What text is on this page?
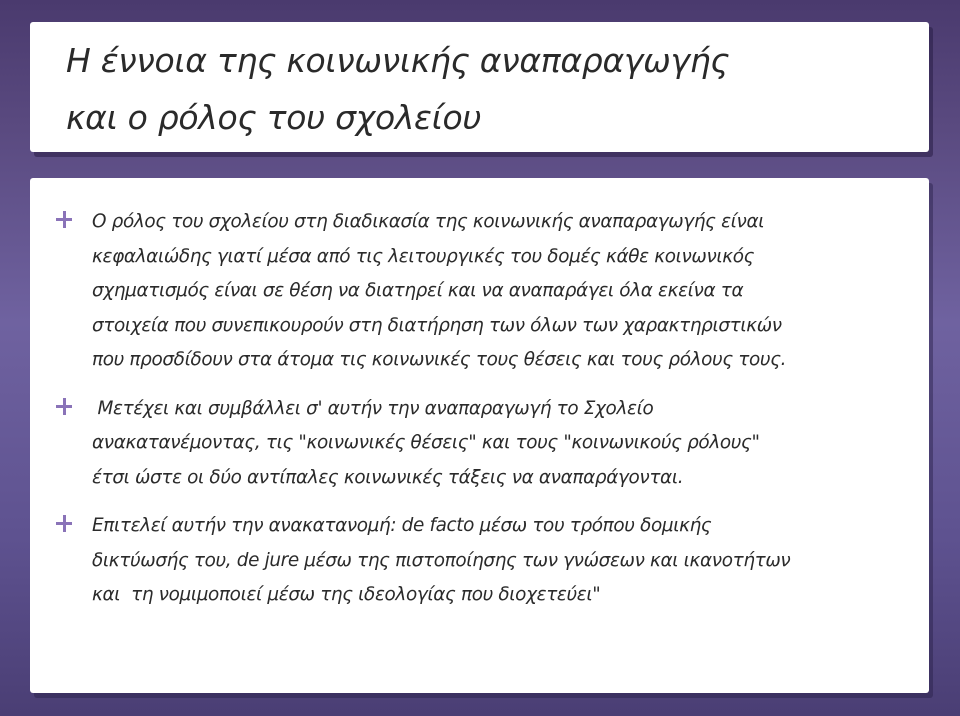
Η έννοια της κοινωνικής αναπαραγωγής
και ο ρόλος του σχολείου
Ο ρόλος του σχολείου στη διαδικασία της κοινωνικής αναπαραγωγής είναι
κεφαλαιώδης γιατί μέσα από τις λειτουργικές του δομές κάθε κοινωνικός
σχηματισμός είναι σε θέση να διατηρεί και να αναπαράγει όλα εκείνα τα
στοιχεία που συνεπικουρούν στη διατήρηση των όλων των χαρακτηριστικών
που προσδίδουν στα άτομα τις κοινωνικές τους θέσεις και τους ρόλους τους.
Μετέχει και συμβάλλει σ' αυτήν την αναπαραγωγή το Σχολείο
ανακατανέμοντας, τις "κοινωνικές θέσεις" και τους "κοινωνικούς ρόλους"
έτσι ώστε οι δύο αντίπαλες κοινωνικές τάξεις να αναπαράγονται.
Επιτελεί αυτήν την ανακατανομή: de facto μέσω του τρόπου δομικής
δικτύωσής του, de jure μέσω της πιστοποίησης των γνώσεων και ικανοτήτων
και  τη νομιμοποιεί μέσω της ιδεολογίας που διοχετεύει"
